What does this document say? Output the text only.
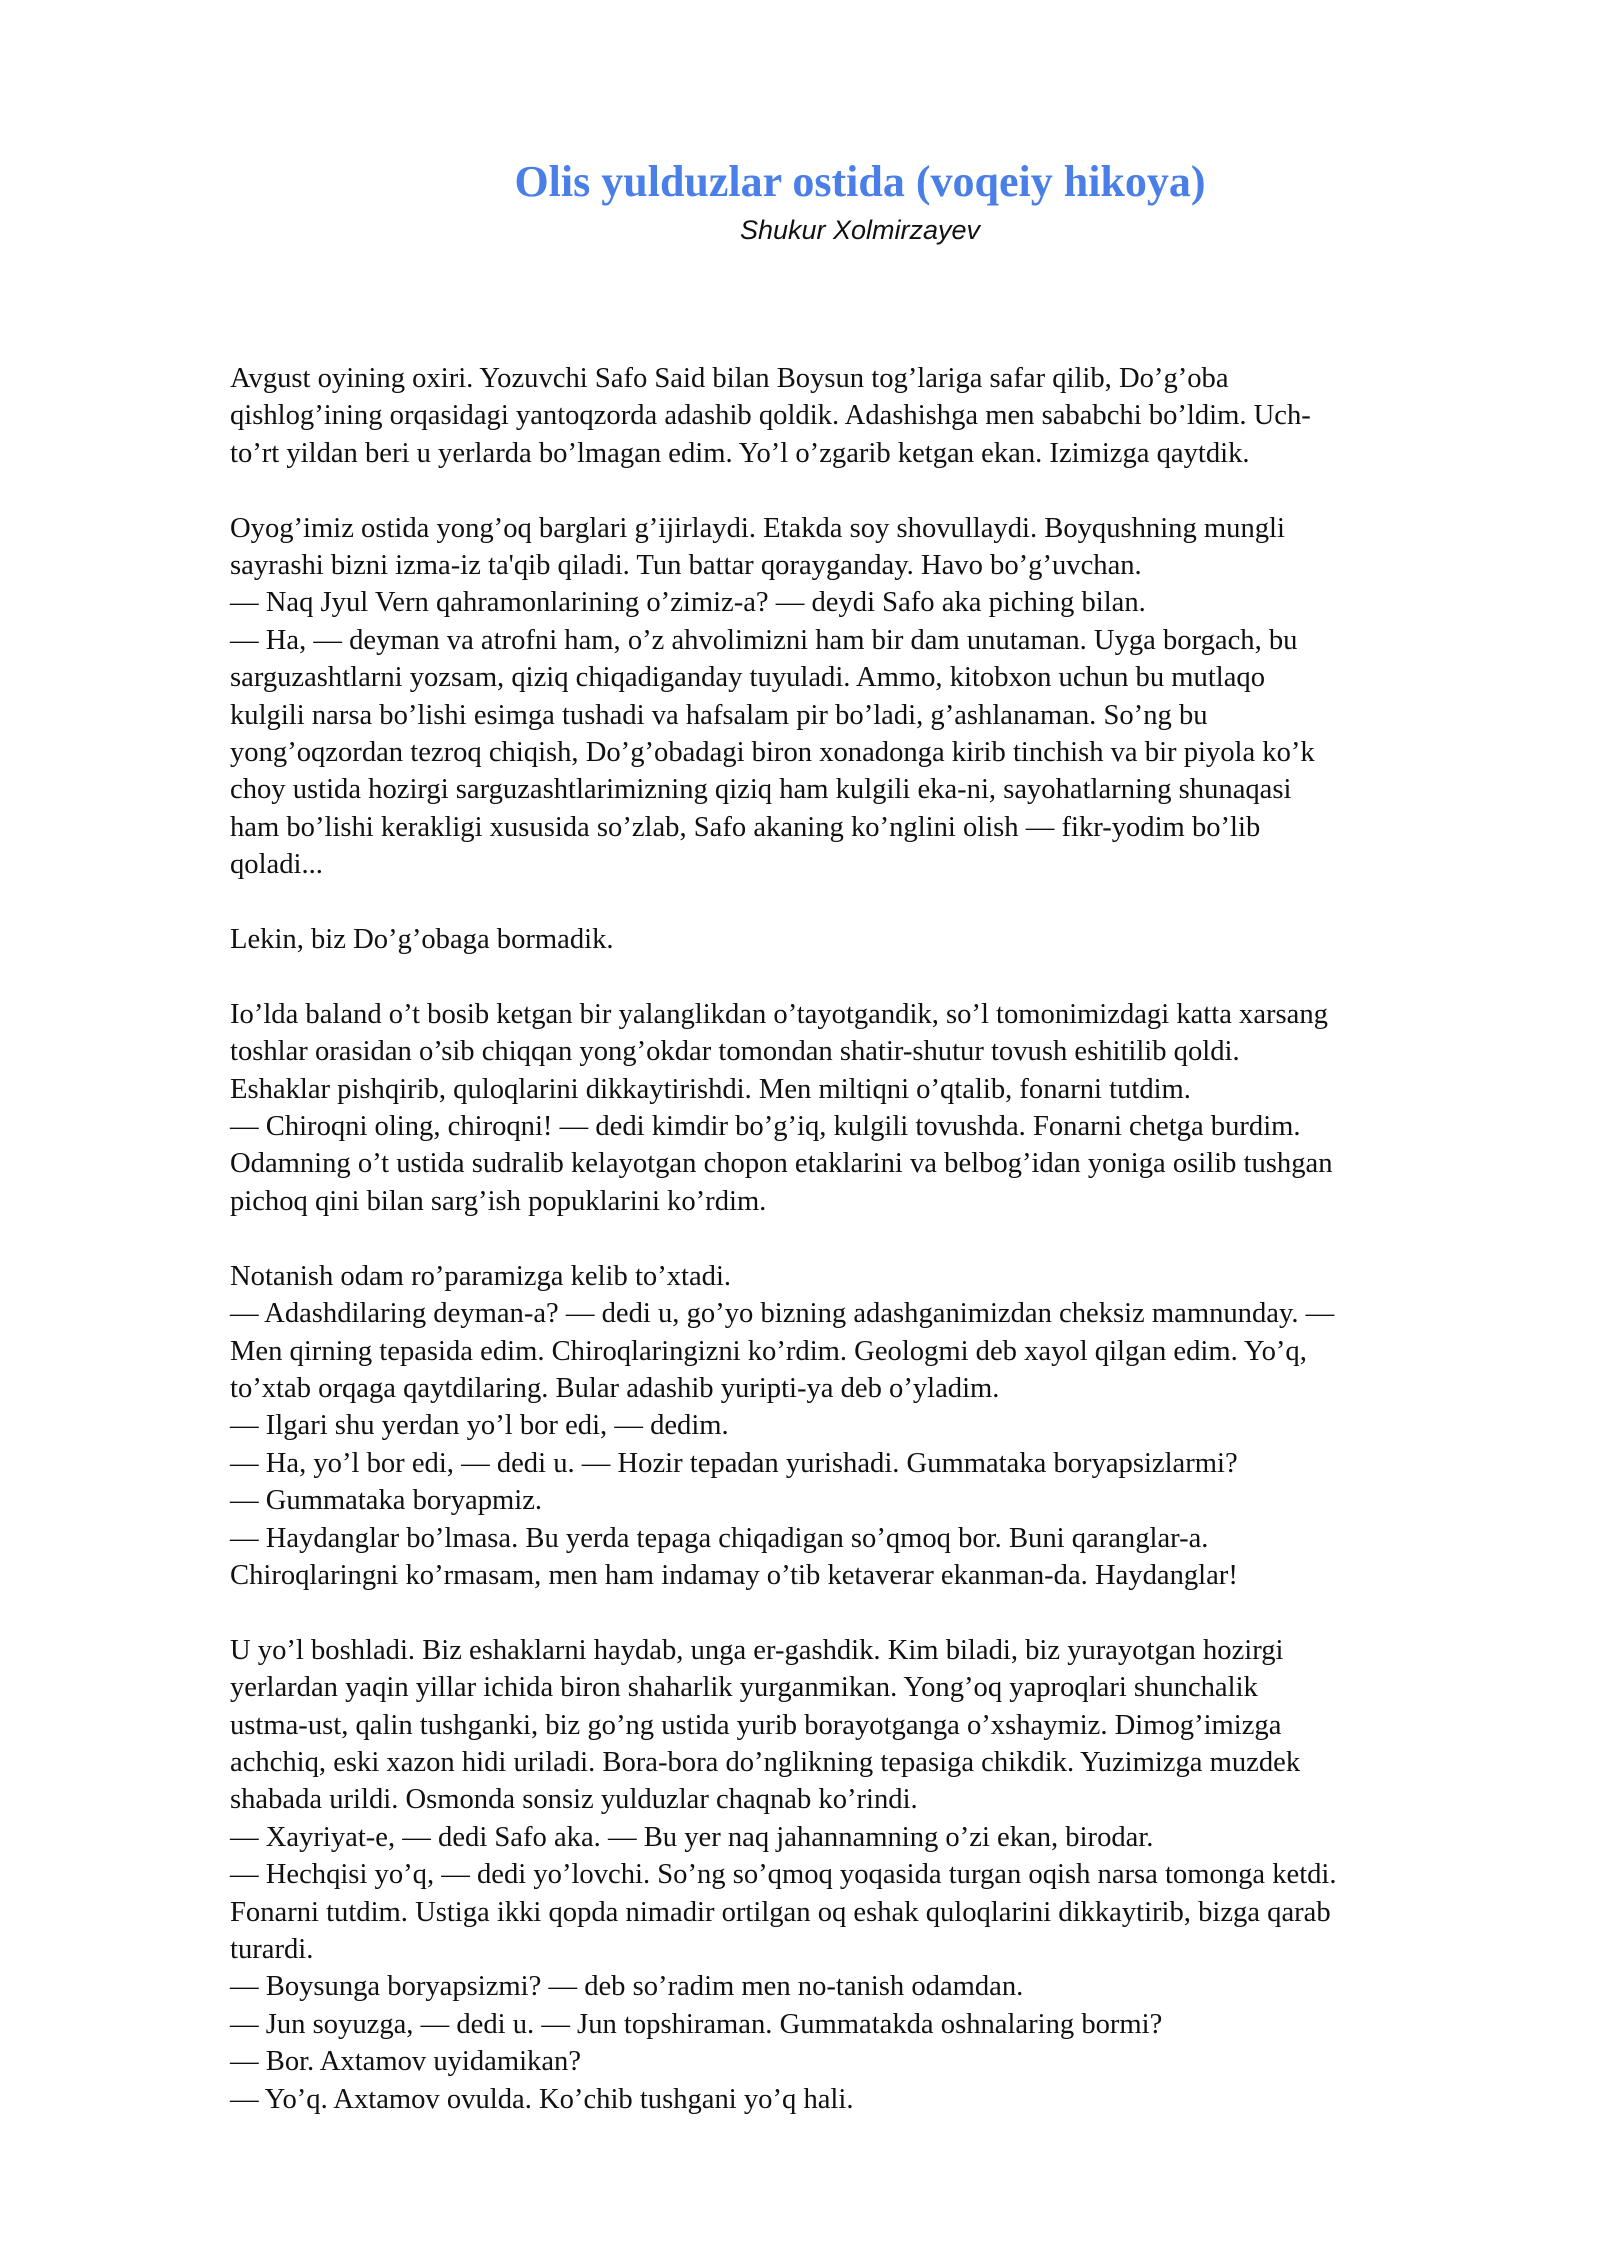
Olis yulduzlar ostida (voqeiy hikoya)
Shukur Xolmirzayev

Avgust oyining oxiri. Yozuvchi Safo Said bilan Boysun tog’lariga safar qilib, Do’g’oba
qishlog’ining orqasidagi yantoqzorda adashib qoldik. Adashishga men sababchi bo’ldim. Uch-
to’rt yildan beri u yerlarda bo’lmagan edim. Yo’l o’zgarib ketgan ekan. Izimizga qaytdik.

Oyog’imiz ostida yong’oq barglari g’ijirlaydi. Etakda soy shovullaydi. Boyqushning mungli
sayrashi bizni izma-iz ta'qib qiladi. Tun battar qorayganday. Havo bo’g’uvchan.
— Naq Jyul Vern qahramonlarining o’zimiz-a? — deydi Safo aka piching bilan.
— Ha, — deyman va atrofni ham, o’z ahvolimizni ham bir dam unutaman. Uyga borgach, bu
sarguzashtlarni yozsam, qiziq chiqadiganday tuyuladi. Ammo, kitobxon uchun bu mutlaqo
kulgili narsa bo’lishi esimga tushadi va hafsalam pir bo’ladi, g’ashlanaman. So’ng bu
yong’oqzordan tezroq chiqish, Do’g’obadagi biron xonadonga kirib tinchish va bir piyola ko’k
choy ustida hozirgi sarguzashtlarimizning qiziq ham kulgili eka-ni, sayohatlarning shunaqasi
ham bo’lishi kerakligi xususida so’zlab, Safo akaning ko’nglini olish — fikr-yodim bo’lib
qoladi...

Lekin, biz Do’g’obaga bormadik.

Io’lda baland o’t bosib ketgan bir yalanglikdan o’tayotgandik, so’l tomonimizdagi katta xarsang
toshlar orasidan o’sib chiqqan yong’okdar tomondan shatir-shutur tovush eshitilib qoldi.
Eshaklar pishqirib, quloqlarini dikkaytirishdi. Men miltiqni o’qtalib, fonarni tutdim.
— Chiroqni oling, chiroqni! — dedi kimdir bo’g’iq, kulgili tovushda. Fonarni chetga burdim.
Odamning o’t ustida sudralib kelayotgan chopon etaklarini va belbog’idan yoniga osilib tushgan
pichoq qini bilan sarg’ish popuklarini ko’rdim.

Notanish odam ro’paramizga kelib to’xtadi.
— Adashdilaring deyman-a? — dedi u, go’yo bizning adashganimizdan cheksiz mamnunday. —
Men qirning tepasida edim. Chiroqlaringizni ko’rdim. Geologmi deb xayol qilgan edim. Yo’q,
to’xtab orqaga qaytdilaring. Bular adashib yuripti-ya deb o’yladim.
— Ilgari shu yerdan yo’l bor edi, — dedim.
— Ha, yo’l bor edi, — dedi u. — Hozir tepadan yurishadi. Gummataka boryapsizlarmi?
— Gummataka boryapmiz.
— Haydanglar bo’lmasa. Bu yerda tepaga chiqadigan so’qmoq bor. Buni qaranglar-a.
Chiroqlaringni ko’rmasam, men ham indamay o’tib ketaverar ekanman-da. Haydanglar!

U yo’l boshladi. Biz eshaklarni haydab, unga er-gashdik. Kim biladi, biz yurayotgan hozirgi
yerlardan yaqin yillar ichida biron shaharlik yurganmikan. Yong’oq yaproqlari shunchalik
ustma-ust, qalin tushganki, biz go’ng ustida yurib borayotganga o’xshaymiz. Dimog’imizga
achchiq, eski xazon hidi uriladi. Bora-bora do’nglikning tepasiga chikdik. Yuzimizga muzdek
shabada urildi. Osmonda sonsiz yulduzlar chaqnab ko’rindi.
— Xayriyat-e, — dedi Safo aka. — Bu yer naq jahannamning o’zi ekan, birodar.
— Hechqisi yo’q, — dedi yo’lovchi. So’ng so’qmoq yoqasida turgan oqish narsa tomonga ketdi.
Fonarni tutdim. Ustiga ikki qopda nimadir ortilgan oq eshak quloqlarini dikkaytirib, bizga qarab
turardi.
— Boysunga boryapsizmi? — deb so’radim men no-tanish odamdan.
— Jun soyuzga, — dedi u. — Jun topshiraman. Gummatakda oshnalaring bormi?
— Bor. Axtamov uyidamikan?
— Yo’q. Axtamov ovulda. Ko’chib tushgani yo’q hali.
